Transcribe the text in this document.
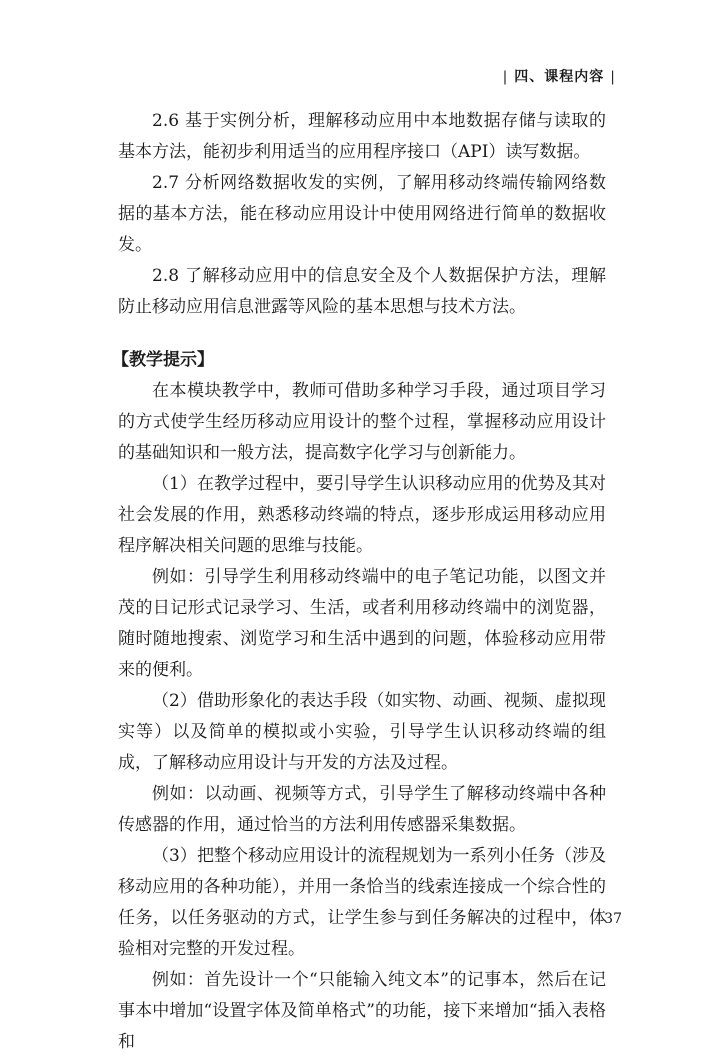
| 四、课程内容 |

2.6 基于实例分析，理解移动应用中本地数据存储与读取的基本方法，能初步利用适当的应用程序接口（API）读写数据。

2.7 分析网络数据收发的实例，了解用移动终端传输网络数据的基本方法，能在移动应用设计中使用网络进行简单的数据收发。

2.8 了解移动应用中的信息安全及个人数据保护方法，理解防止移动应用信息泄露等风险的基本思想与技术方法。

【教学提示】

在本模块教学中，教师可借助多种学习手段，通过项目学习的方式使学生经历移动应用设计的整个过程，掌握移动应用设计的基础知识和一般方法，提高数字化学习与创新能力。

（1）在教学过程中，要引导学生认识移动应用的优势及其对社会发展的作用，熟悉移动终端的特点，逐步形成运用移动应用程序解决相关问题的思维与技能。

例如：引导学生利用移动终端中的电子笔记功能，以图文并茂的日记形式记录学习、生活，或者利用移动终端中的浏览器，随时随地搜索、浏览学习和生活中遇到的问题，体验移动应用带来的便利。

（2）借助形象化的表达手段（如实物、动画、视频、虚拟现实等）以及简单的模拟或小实验，引导学生认识移动终端的组成，了解移动应用设计与开发的方法及过程。

例如：以动画、视频等方式，引导学生了解移动终端中各种传感器的作用，通过恰当的方法利用传感器采集数据。

（3）把整个移动应用设计的流程规划为一系列小任务（涉及移动应用的各种功能），并用一条恰当的线索连接成一个综合性的任务，以任务驱动的方式，让学生参与到任务解决的过程中，体验相对完整的开发过程。

例如：首先设计一个“只能输入纯文本”的记事本，然后在记事本中增加“设置字体及简单格式”的功能，接下来增加“插入表格和

37
